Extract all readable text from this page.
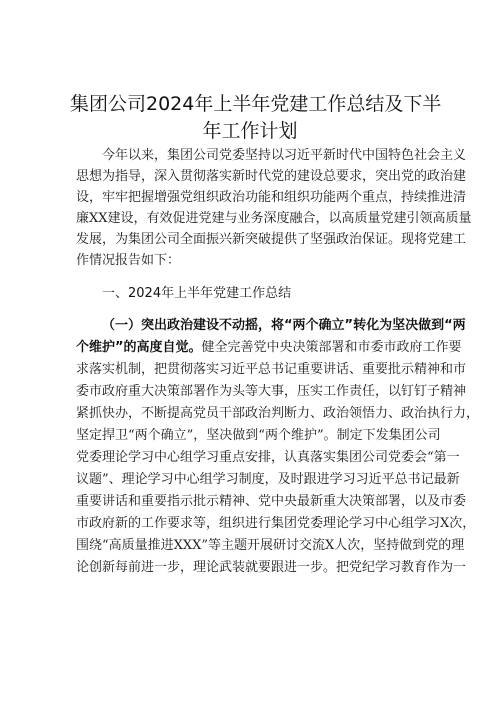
集团公司2024年上半年党建工作总结及下半
年工作计划
今年以来，集团公司党委坚持以习近平新时代中国特色社会主义
思想为指导，深入贯彻落实新时代党的建设总要求，突出党的政治建
设，牢牢把握增强党组织政治功能和组织功能两个重点，持续推进清
廉XX建设，有效促进党建与业务深度融合，以高质量党建引领高质量
发展，为集团公司全面振兴新突破提供了坚强政治保证。现将党建工
作情况报告如下：
一、2024年上半年党建工作总结
（一）突出政治建设不动摇，将“两个确立”转化为坚决做到“两
个维护”的高度自觉。健全完善党中央决策部署和市委市政府工作要
求落实机制，把贯彻落实习近平总书记重要讲话、重要批示精神和市
委市政府重大决策部署作为头等大事，压实工作责任，以钉钉子精神
紧抓快办，不断提高党员干部政治判断力、政治领悟力、政治执行力，
坚定捍卫“两个确立”，坚决做到“两个维护”。制定下发集团公司
党委理论学习中心组学习重点安排，认真落实集团公司党委会“第一
议题”、理论学习中心组学习制度，及时跟进学习习近平总书记最新
重要讲话和重要指示批示精神、党中央最新重大决策部署，以及市委
市政府新的工作要求等，组织进行集团党委理论学习中心组学习X次，
围绕“高质量推进XXX”等主题开展研讨交流X人次，坚持做到党的理
论创新每前进一步，理论武装就要跟进一步。把党纪学习教育作为一
